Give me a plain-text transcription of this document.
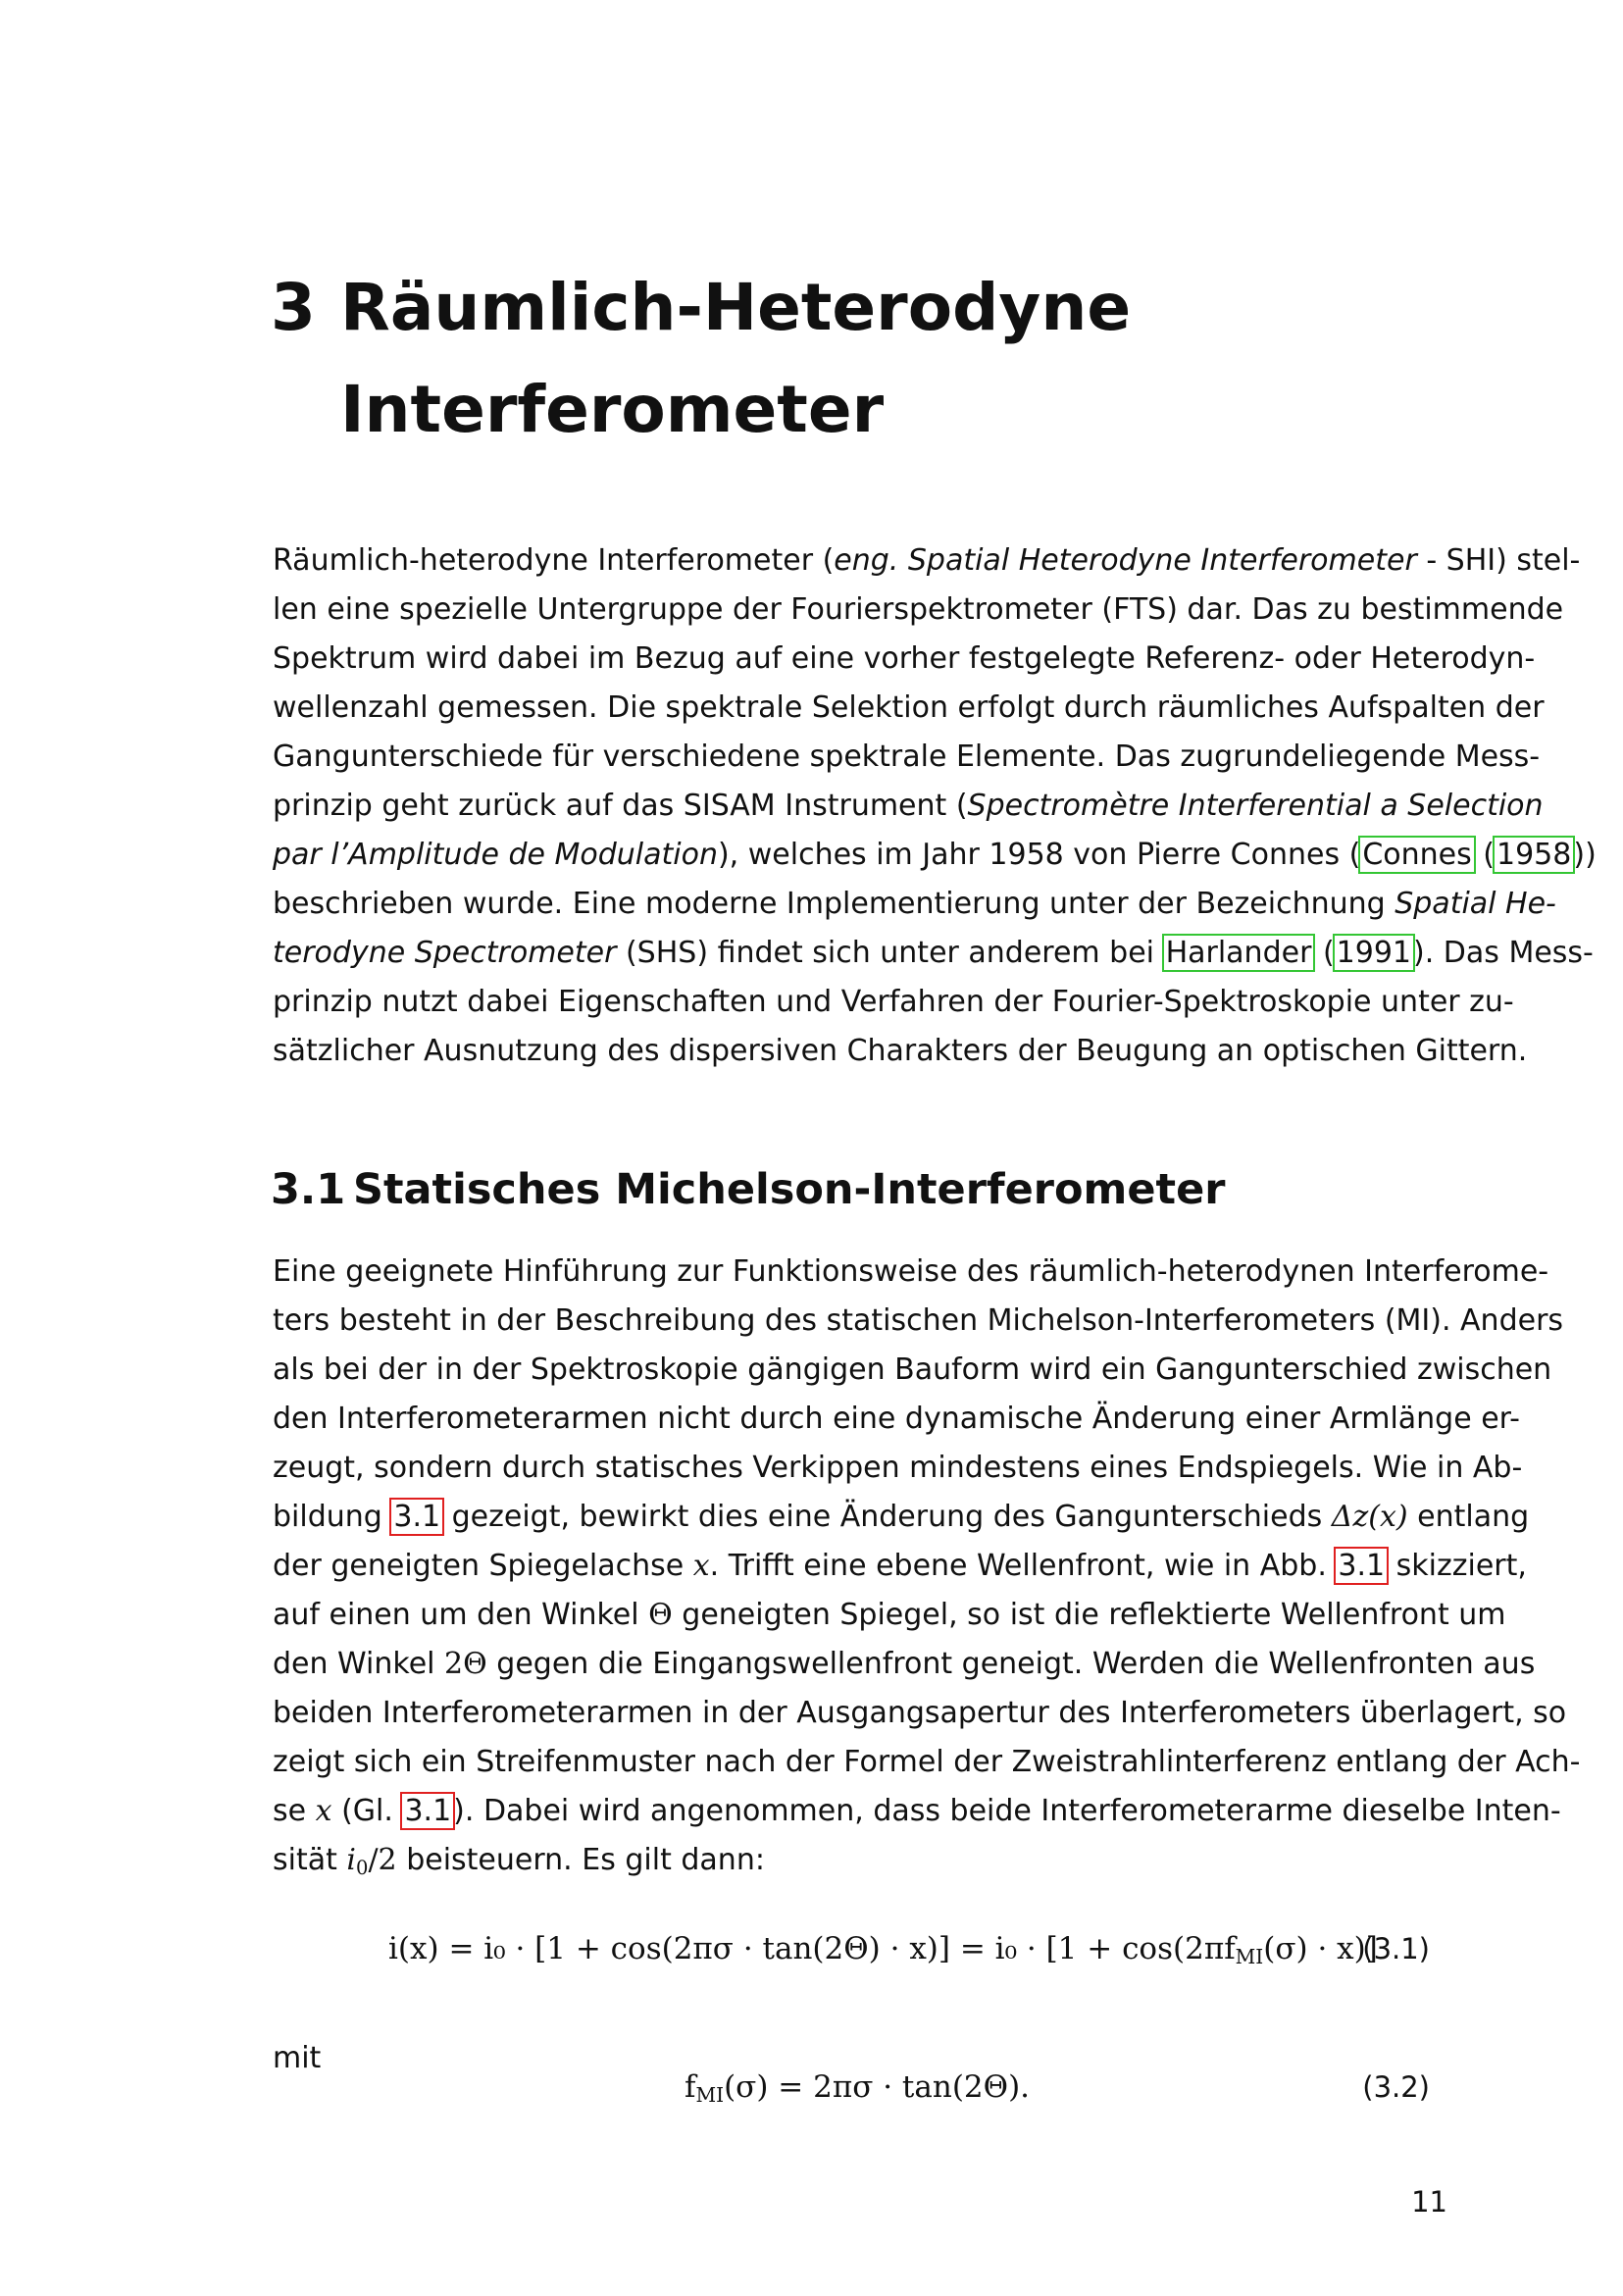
3 Räumlich-Heterodyne
Interferometer
Räumlich-heterodyne Interferometer (eng. Spatial Heterodyne Interferometer - SHI) stel-
len eine spezielle Untergruppe der Fourierspektrometer (FTS) dar. Das zu bestimmende
Spektrum wird dabei im Bezug auf eine vorher festgelegte Referenz- oder Heterodyn-
wellenzahl gemessen. Die spektrale Selektion erfolgt durch räumliches Aufspalten der
Gangunterschiede für verschiedene spektrale Elemente. Das zugrundeliegende Mess-
prinzip geht zurück auf das SISAM Instrument (Spectromètre Interferential a Selection
par l’Amplitude de Modulation), welches im Jahr 1958 von Pierre Connes (Connes (1958))
beschrieben wurde. Eine moderne Implementierung unter der Bezeichnung Spatial He-
terodyne Spectrometer (SHS) findet sich unter anderem bei Harlander (1991). Das Mess-
prinzip nutzt dabei Eigenschaften und Verfahren der Fourier-Spektroskopie unter zu-
sätzlicher Ausnutzung des dispersiven Charakters der Beugung an optischen Gittern.
3.1 Statisches Michelson-Interferometer
Eine geeignete Hinführung zur Funktionsweise des räumlich-heterodynen Interferome-
ters besteht in der Beschreibung des statischen Michelson-Interferometers (MI). Anders
als bei der in der Spektroskopie gängigen Bauform wird ein Gangunterschied zwischen
den Interferometerarmen nicht durch eine dynamische Änderung einer Armlänge er-
zeugt, sondern durch statisches Verkippen mindestens eines Endspiegels. Wie in Ab-
bildung 3.1 gezeigt, bewirkt dies eine Änderung des Gangunterschieds Δz(x) entlang
der geneigten Spiegelachse x. Trifft eine ebene Wellenfront, wie in Abb. 3.1 skizziert,
auf einen um den Winkel Θ geneigten Spiegel, so ist die reflektierte Wellenfront um
den Winkel 2Θ gegen die Eingangswellenfront geneigt. Werden die Wellenfronten aus
beiden Interferometerarmen in der Ausgangsapertur des Interferometers überlagert, so
zeigt sich ein Streifenmuster nach der Formel der Zweistrahlinterferenz entlang der Ach-
se x (Gl. 3.1). Dabei wird angenommen, dass beide Interferometerarme dieselbe Inten-
sität $i_0/2$ beisteuern. Es gilt dann:
$i(x) = i_0 \cdot [1 + \cos(2\pi\sigma \cdot \tan(2\Theta) \cdot x)] = i_0 \cdot [1 + \cos(2\pi f_{MI}(\sigma) \cdot x)]$
(3.1)
mit
$f_{MI}(\sigma) = 2\pi\sigma \cdot \tan(2\Theta)$.	(3.2)
11
